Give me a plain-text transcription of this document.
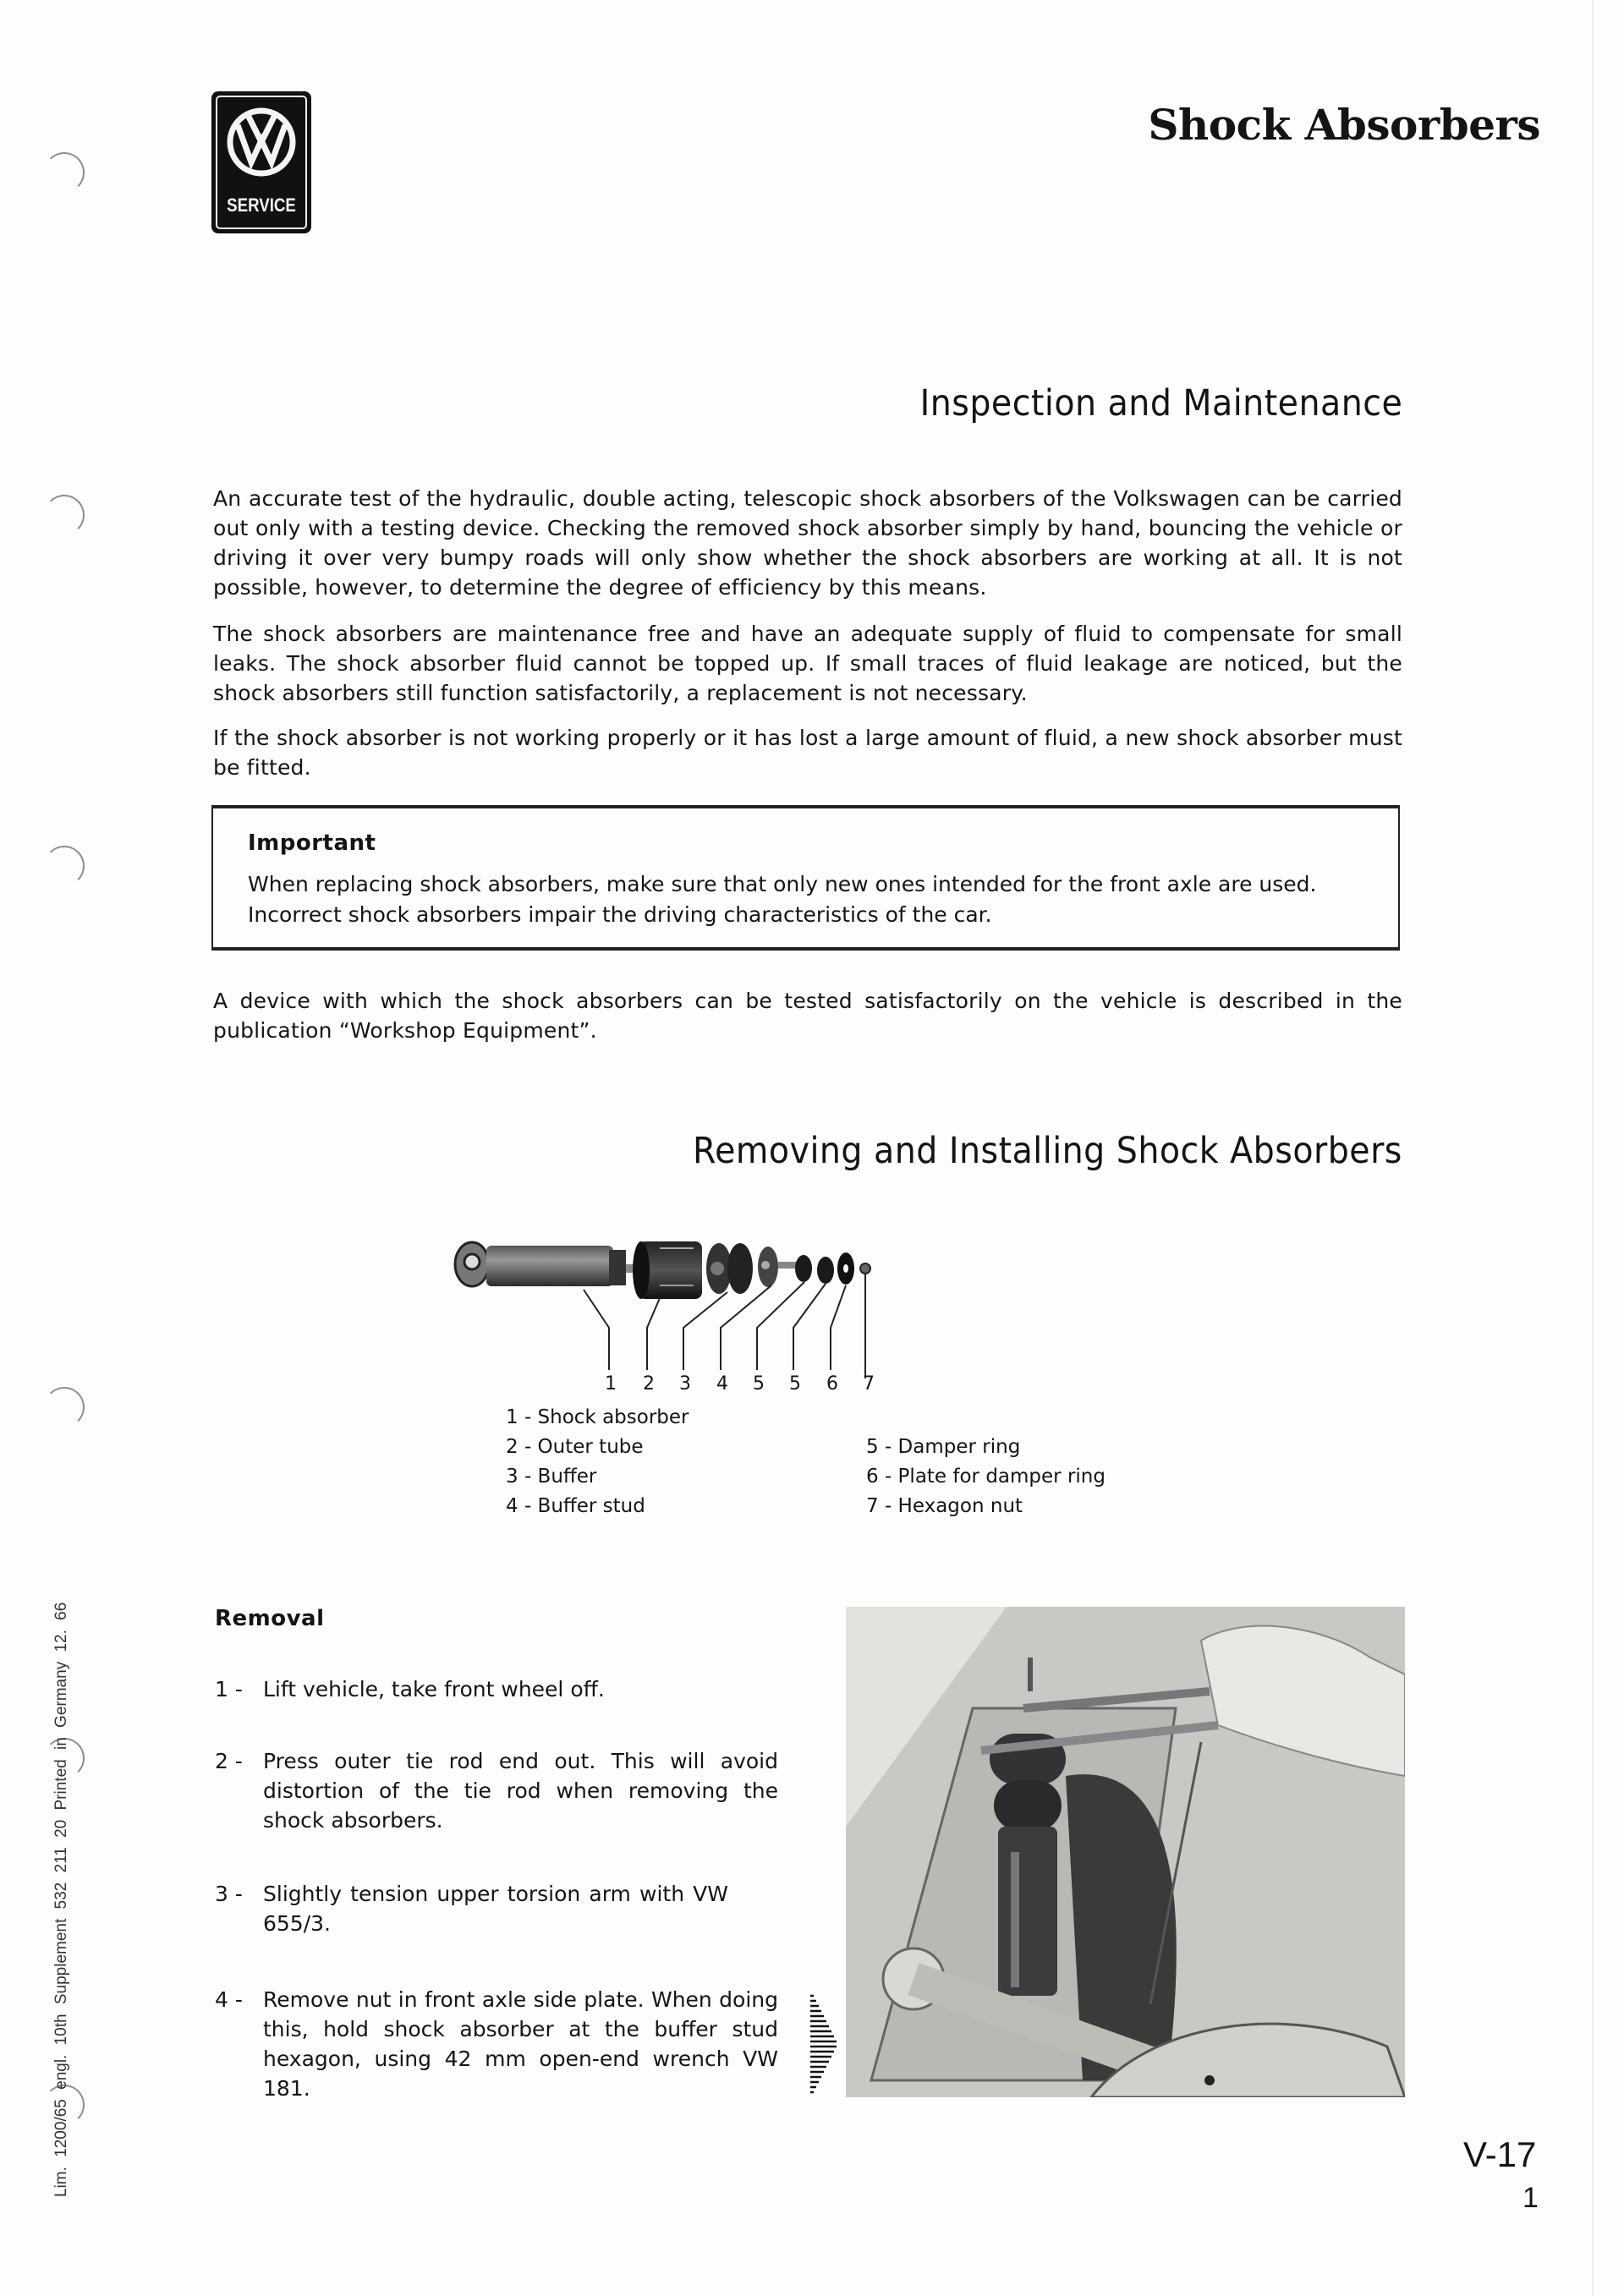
SERVICE
Shock Absorbers
Inspection and Maintenance
An accurate test of the hydraulic, double acting, telescopic shock absorbers of the Volkswagen can be carried out only with a testing device. Checking the removed shock absorber simply by hand, bouncing the vehicle or driving it over very bumpy roads will only show whether the shock absorbers are working at all. It is not possible, however, to determine the degree of efficiency by this means.
The shock absorbers are maintenance free and have an adequate supply of fluid to compensate for small leaks. The shock absorber fluid cannot be topped up. If small traces of fluid leakage are noticed, but the shock absorbers still function satisfactorily, a replacement is not necessary.
If the shock absorber is not working properly or it has lost a large amount of fluid, a new shock absorber must be fitted.
Important
When replacing shock absorbers, make sure that only new ones intended for the front axle are used. Incorrect shock absorbers impair the driving characteristics of the car.
A device with which the shock absorbers can be tested satisfactorily on the vehicle is described in the publication “Workshop Equipment”.
Removing and Installing Shock Absorbers
1 2 3 4 5 5 6 7
1 - Shock absorber
2 - Outer tube
3 - Buffer
4 - Buffer stud
5 - Damper ring
6 - Plate for damper ring
7 - Hexagon nut
Removal
1 - Lift vehicle, take front wheel off.
2 - Press outer tie rod end out. This will avoid distortion of the tie rod when removing the shock absorbers.
3 - Slightly tension upper torsion arm with VW 655/3.
4 - Remove nut in front axle side plate. When doing this, hold shock absorber at the buffer stud hexagon, using 42 mm open-end wrench VW 181.
V-17
1
Lim. 1200/65 engl. 10th Supplement 532 211 20 Printed in Germany 12. 66
